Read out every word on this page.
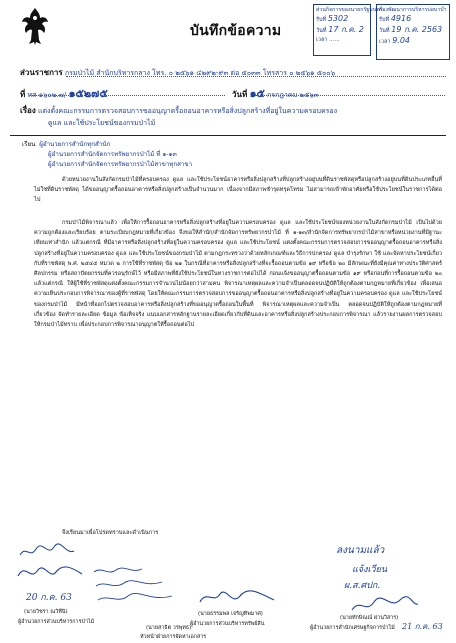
บันทึกข้อความ
ส่วนกิจการของนายกรัฐมนตรี
รับที่ 5302
วันที่ 17 ก.ค. 2
เวลา ......
กองพัฒนาการบริหารบ่อบาบำ
รับที่ 4916
วันที่ 19 ก.ค. 2563
เวลา 9.04
ส่วนราชการ กรมป่าไม้ สำนักบริหารกลาง โทร. ๐ ๒๕๖๑ ๔๒๙๒-๙๓ ต่อ ๕๐๓๓ โทรสาร ๐ ๒๕๖๑ ๕๐๐๖
ที่ ทส ๑๖๐๒.๗/ ๑๕๒๗๕	วันที่ ๑๕ กรกฎาคม ๒๕๖๓
เรื่อง แต่งตั้งคณะกรรมการตรวจสอบการขออนุญาตรื้อถอนอาคารหรือสิ่งปลูกสร้างที่อยู่ในความครอบครอง
ดูแล และใช้ประโยชน์ของกรมป่าไม้
เรียน ผู้อำนวยการสำนักทุกสำนัก
ผู้อำนวยการสำนักจัดการทรัพยากรป่าไม้ ที่ ๑-๑๓
ผู้อำนวยการสำนักจัดการทรัพยากรป่าไม้สาขาทุกสาขา

ด้วยหน่วยงานในสังกัดกรมป่าไม้ที่ครอบครอง ดูแล และใช้ประโยชน์อาคารหรือสิ่งปลูกสร้างที่ปลูกสร้างอยู่บนที่ดินราชพัสดุหรือปลูกสร้างอยู่บนที่ดินประเภทอื่นที่ไม่ใช่ที่ดินราชพัสดุ ได้ขออนุญาตรื้อถอนอาคารหรือสิ่งปลูกสร้างเป็นจำนวนมาก เนื่องจากมีสภาพชำรุดทรุดโทรม ไม่สามารถเข้าพักอาศัยหรือใช้ประโยชน์ในราชการได้ต่อไป

กรมป่าไม้พิจารณาแล้ว เพื่อให้การรื้อถอนอาคารหรือสิ่งปลูกสร้างที่อยู่ในความครอบครอง ดูแล และใช้ประโยชน์ของหน่วยงานในสังกัดกรมป่าไม้ เป็นไปด้วยความถูกต้องและเรียบร้อย ตามระเบียบกฎหมายที่เกี่ยวข้อง จึงขอให้สำนัก/สำนักจัดการทรัพยากรป่าไม้ ที่ ๑-๑๓/สำนักจัดการทรัพยากรป่าไม้สาขาหรือหน่วยงานที่มีฐานะเทียบเท่าสำนัก แล้วแต่กรณี ที่มีอาคารหรือสิ่งปลูกสร้างที่อยู่ในความครอบครอง ดูแล และใช้ประโยชน์ แต่งตั้งคณะกรรมการตรวจสอบการขออนุญาตรื้อถอนอาคารหรือสิ่งปลูกสร้างที่อยู่ในความครอบครอง ดูแล และใช้ประโยชน์ของกรมป่าไม้ ตามกฎกระทรวงว่าด้วยหลักเกณฑ์และวิธีการปกครอง ดูแล บำรุงรักษา ใช้ และจัดหาประโยชน์เกี่ยวกับที่ราชพัสดุ พ.ศ. ๒๕๔๕ หมวด ๒ การใช้ที่ราชพัสดุ ข้อ ๒๑ ในกรณีที่อาคารหรือสิ่งปลูกสร้างที่จะรื้อถอนตามข้อ ๑๙ หรือข้อ ๒๐ มีลักษณะที่ยังมีคุณค่าทางประวัติศาสตร์ ศิลปกรรม หรือสถาปัตยกรรมที่ควรอนุรักษ์ไว้ หรือมีสภาพที่ยังใช้ประโยชน์ในทางราชการต่อไปได้ ก่อนแจ้งขออนุญาตรื้อถอนตามข้อ ๑๙ หรือก่อนที่การรื้อถอนตามข้อ ๒๐ แล้วแต่กรณี ให้ผู้ใช้ที่ราชพัสดุแต่งตั้งคณะกรรมการจำนวนไม่น้อยกว่าสามคน พิจารณาเหตุผลและความจำเป็นตลอดจนปฏิบัติให้ถูกต้องตามกฎหมายที่เกี่ยวข้อง เพื่อเสนอความเห็นประกอบการพิจารณาของผู้ที่ราชพัสดุ โดยให้คณะกรรมการตรวจสอบการขออนุญาตรื้อถอนอาคารหรือสิ่งปลูกสร้างที่อยู่ในความครอบครอง ดูแล และใช้ประโยชน์ของกรมป่าไม้ มีหน้าที่ออกไปตรวจสอบอาคารหรือสิ่งปลูกสร้างที่ขออนุญาตรื้อถอนในพื้นที่ พิจารณาเหตุผลและความจำเป็น ตลอดจนปฏิบัติให้ถูกต้องตามกฎหมายที่เกี่ยวข้อง จัดทำรายละเอียด ข้อมูล ข้อเท็จจริง แนบเอกสารหลักฐานรายละเอียดเกี่ยวกับที่ดินและอาคารหรือสิ่งปลูกสร้างประกอบการพิจารณา แล้วรายงานผลการตรวจสอบให้กรมป่าไม้ทราบ เพื่อประกอบการพิจารณาอนุญาตให้รื้อถอนต่อไป

จึงเรียนมาเพื่อโปรดทราบและดำเนินการ

20 ก.ค. 63
(นายวิชรา ณวิทีนิ)
ผู้อำนวยการส่วนบริหารการป่าไม้
(นายธรรมพล เจริญทิพมาศ)
ผู้อำนวยการส่วนบริหารทรัพย์สิน
(นายสาธิต วรพุทธ)
หัวหน้าฝ่ายการจัดหาเอกสาร
ลงนามแล้ว
แจ้งเวียน
ผ.ส.ศปก.
(นายทักษิณณ์ ผ่านวิสาร)
ผู้อำนวยการสำนักเศรษฐกิจการป่าไม้ 21 ก.ค. 63
